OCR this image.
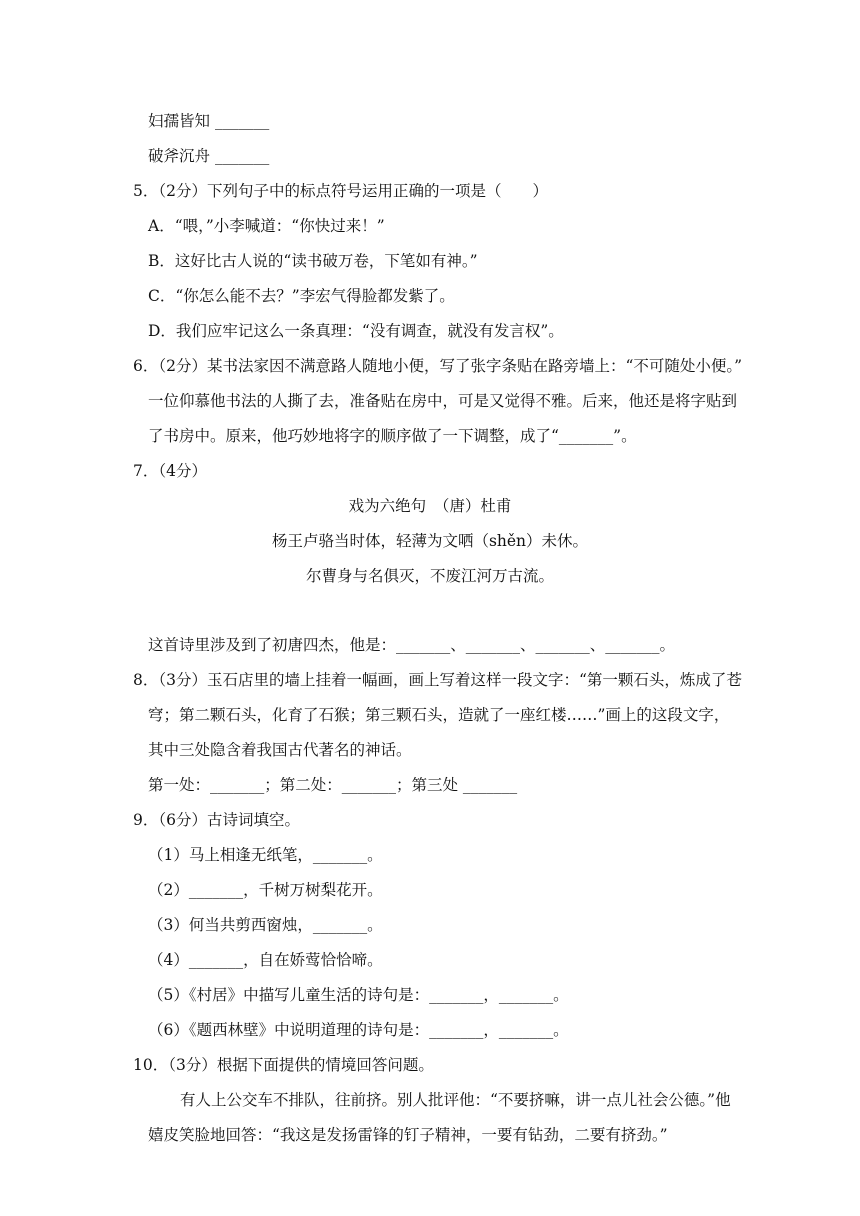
妇孺皆知 _______
破斧沉舟 _______
5．（2分）下列句子中的标点符号运用正确的一项是（　　）
A．“喂，”小李喊道：“你快过来！”
B．这好比古人说的“读书破万卷，下笔如有神。”
C．“你怎么能不去？”李宏气得脸都发紫了。
D．我们应牢记这么一条真理：“没有调查，就没有发言权”。
6．（2分）某书法家因不满意路人随地小便，写了张字条贴在路旁墙上：“不可随处小便。”
一位仰慕他书法的人撕了去，准备贴在房中，可是又觉得不雅。后来，他还是将字贴到
了书房中。原来，他巧妙地将字的顺序做了一下调整，成了“_______”。
7．（4分）
戏为六绝句　（唐）杜甫
杨王卢骆当时体，轻薄为文哂（shěn）未休。
尔曹身与名俱灭，不废江河万古流。
这首诗里涉及到了初唐四杰，他是：_______、_______、_______、_______。
8．（3分）玉石店里的墙上挂着一幅画，画上写着这样一段文字：“第一颗石头，炼成了苍
穹；第二颗石头，化育了石猴；第三颗石头，造就了一座红楼……”画上的这段文字，
其中三处隐含着我国古代著名的神话。
第一处：_______；第二处：_______；第三处 _______
9．（6分）古诗词填空。
（1）马上相逢无纸笔，_______。
（2）_______，千树万树梨花开。
（3）何当共剪西窗烛，_______。
（4）_______，自在娇莺恰恰啼。
（5）《村居》中描写儿童生活的诗句是：_______，_______。
（6）《题西林壁》中说明道理的诗句是：_______，_______。
10．（3分）根据下面提供的情境回答问题。
有人上公交车不排队，往前挤。别人批评他：“不要挤嘛，讲一点儿社会公德。”他
嬉皮笑脸地回答：“我这是发扬雷锋的钉子精神，一要有钻劲，二要有挤劲。”
